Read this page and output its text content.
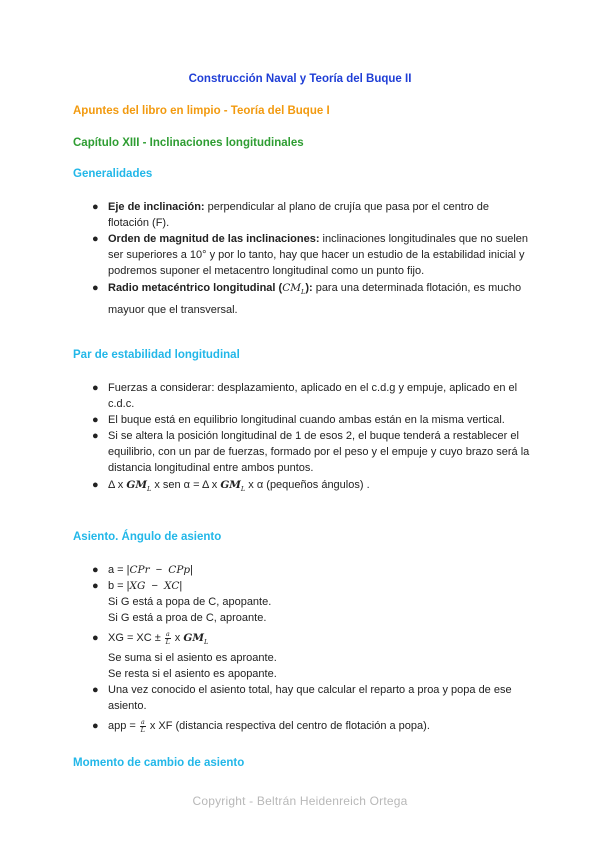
Construcción Naval y Teoría del Buque II
Apuntes del libro en limpio - Teoría del Buque I
Capítulo XIII - Inclinaciones longitudinales
Generalidades
● Eje de inclinación: perpendicular al plano de crujía que pasa por el centro de flotación (F).
● Orden de magnitud de las inclinaciones: inclinaciones longitudinales que no suelen ser superiores a 10° y por lo tanto, hay que hacer un estudio de la estabilidad inicial y podremos suponer el metacentro longitudinal como un punto fijo.
● Radio metacéntrico longitudinal $(CM_L)$: para una determinada flotación, es mucho mayuor que el transversal.
Par de estabilidad longitudinal
● Fuerzas a considerar: desplazamiento, aplicado en el c.d.g y empuje, aplicado en el c.d.c.
● El buque está en equilibrio longitudinal cuando ambas están en la misma vertical.
● Si se altera la posición longitudinal de 1 de esos 2, el buque tenderá a restablecer el equilibrio, con un par de fuerzas, formado por el peso y el empuje y cuyo brazo será la distancia longitudinal entre ambos puntos.
● Δ x $GM_L$ x sen α = Δ x $GM_L$ x α (pequeños ángulos) .
Asiento. Ángulo de asiento
● a = |CPr  −  CPp|
● b = |XG  −  XC|
Si G está a popa de C, apopante.
Si G está a proa de C, aproante.
● XG = XC ± $\frac{a}{L}$ x $GM_L$
Se suma si el asiento es aproante.
Se resta si el asiento es apopante.
● Una vez conocido el asiento total, hay que calcular el reparto a proa y popa de ese asiento.
● app = $\frac{a}{L}$ x XF (distancia respectiva del centro de flotación a popa).
Momento de cambio de asiento
Copyright - Beltrán Heidenreich Ortega
